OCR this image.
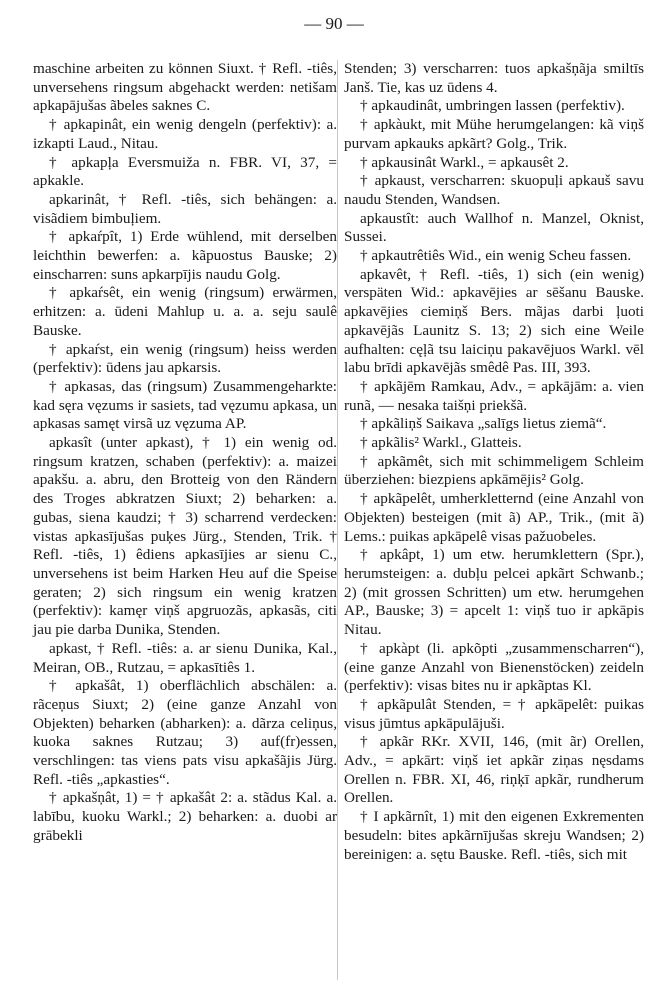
— 90 —

maschine arbeiten zu können Siuxt. † Refl. -tiês, unversehens ringsum abgehackt werden: netišam apkapājušas ãbeles saknes C.

† apkapinât, ein wenig dengeln (perfektiv): a. izkapti Laud., Nitau.

† apkapļa Eversmuiža n. FBR. VI, 37, = apkakle.

apkarinât, † Refl. -tiês, sich behängen: a. visãdiem bimbuļiem.

† apkaŕpît, 1) Erde wühlend, mit derselben leichthin bewerfen: a. kãpuostus Bauske; 2) einscharren: suns apkarpījis naudu Golg.

† apkaŕsêt, ein wenig (ringsum) erwärmen, erhitzen: a. ūdeni Mahlup u. a. a. seju saulê Bauske.

† apkaŕst, ein wenig (ringsum) heiss werden (perfektiv): ūdens jau apkarsis.

† apkasas, das (ringsum) Zusammengeharkte: kad sęra vęzums ir sasiets, tad vęzumu apkasa, un apkasas samęt virsã uz vęzuma AP.

apkasît (unter apkast), † 1) ein wenig od. ringsum kratzen, schaben (perfektiv): a. maizei apakšu. a. abru, den Brotteig von den Rändern des Troges abkratzen Siuxt; 2) beharken: a. gubas, siena kaudzi; † 3) scharrend verdecken: vistas apkasījušas puķes Jürg., Stenden, Trik. † Refl. -tiês, 1) êdiens apkasījies ar sienu C., unversehens ist beim Harken Heu auf die Speise geraten; 2) sich ringsum ein wenig kratzen (perfektiv): kamęr viņš apgruozãs, apkasãs, citi jau pie darba Dunika, Stenden.

apkast, † Refl. -tiês: a. ar sienu Dunika, Kal., Meiran, OB., Rutzau, = apkasītiês 1.

† apkašât, 1) oberflächlich abschälen: a. rãceņus Siuxt; 2) (eine ganze Anzahl von Objekten) beharken (abharken): a. dãrza celiņus, kuoka saknes Rutzau; 3) auf(fr)essen, verschlingen: tas viens pats visu apkašãjis Jürg. Refl. -tiês „apkasties“.

† apkašņât, 1) = † apkašât 2: a. stãdus Kal. a. labību, kuoku Warkl.; 2) beharken: a. duobi ar grābekli

Stenden; 3) verscharren: tuos apkašņãja smiltīs Janš. Tie, kas uz ūdens 4.

† apkaudinât, umbringen lassen (perfektiv).

† apkàukt, mit Mühe herumgelangen: kã viņš purvam apkauks apkãrt? Golg., Trik.

† apkausinât Warkl., = apkausêt 2.

† apkaust, verscharren: skuopuļi apkauš savu naudu Stenden, Wandsen.

apkaustît: auch Wallhof n. Manzel, Oknist, Sussei.

† apkautrêtiês Wid., ein wenig Scheu fassen.

apkavêt, † Refl. -tiês, 1) sich (ein wenig) verspäten Wid.: apkavējies ar sēšanu Bauske. apkavējies ciemiņš Bers. mãjas darbi ļuoti apkavējãs Launitz S. 13; 2) sich eine Weile aufhalten: cęļã tsu laiciņu pakavējuos Warkl. vēl labu brīdi apkavējãs smêdê Pas. III, 393.

† apkãjēm Ramkau, Adv., = apkājām: a. vien runã, — nesaka taišņi priekšã.

† apkãliņš Saikava „salīgs lietus ziemã“.

† apkãlis² Warkl., Glatteis.

† apkãmêt, sich mit schimmeligem Schleim überziehen: biezpiens apkāmējis² Golg.

† apkãpelêt, umherkletternd (eine Anzahl von Objekten) besteigen (mit ã) AP., Trik., (mit ã) Lems.: puikas apkāpelê visas pažuobeles.

† apkâpt, 1) um etw. herumklettern (Spr.), herumsteigen: a. dubļu pelcei apkãrt Schwanb.; 2) (mit grossen Schritten) um etw. herumgehen AP., Bauske; 3) = apcelt 1: viņš tuo ir apkāpis Nitau.

† apkàpt (li. apkõpti „zusammenscharren“), (eine ganze Anzahl von Bienenstöcken) zeideln (perfektiv): visas bites nu ir apkãptas Kl.

† apkãpulât Stenden, = † apkāpelêt: puikas visus jūmtus apkāpulājuši.

† apkãr RKr. XVII, 146, (mit ãr) Orellen, Adv., = apkārt: viņš iet apkãr ziņas nęsdams Orellen n. FBR. XI, 46, riņķī apkãr, rundherum Orellen.

† I apkãrnît, 1) mit den eigenen Exkrementen besudeln: bites apkãrnījušas skreju Wandsen; 2) bereinigen: a. sętu Bauske. Refl. -tiês, sich mit
